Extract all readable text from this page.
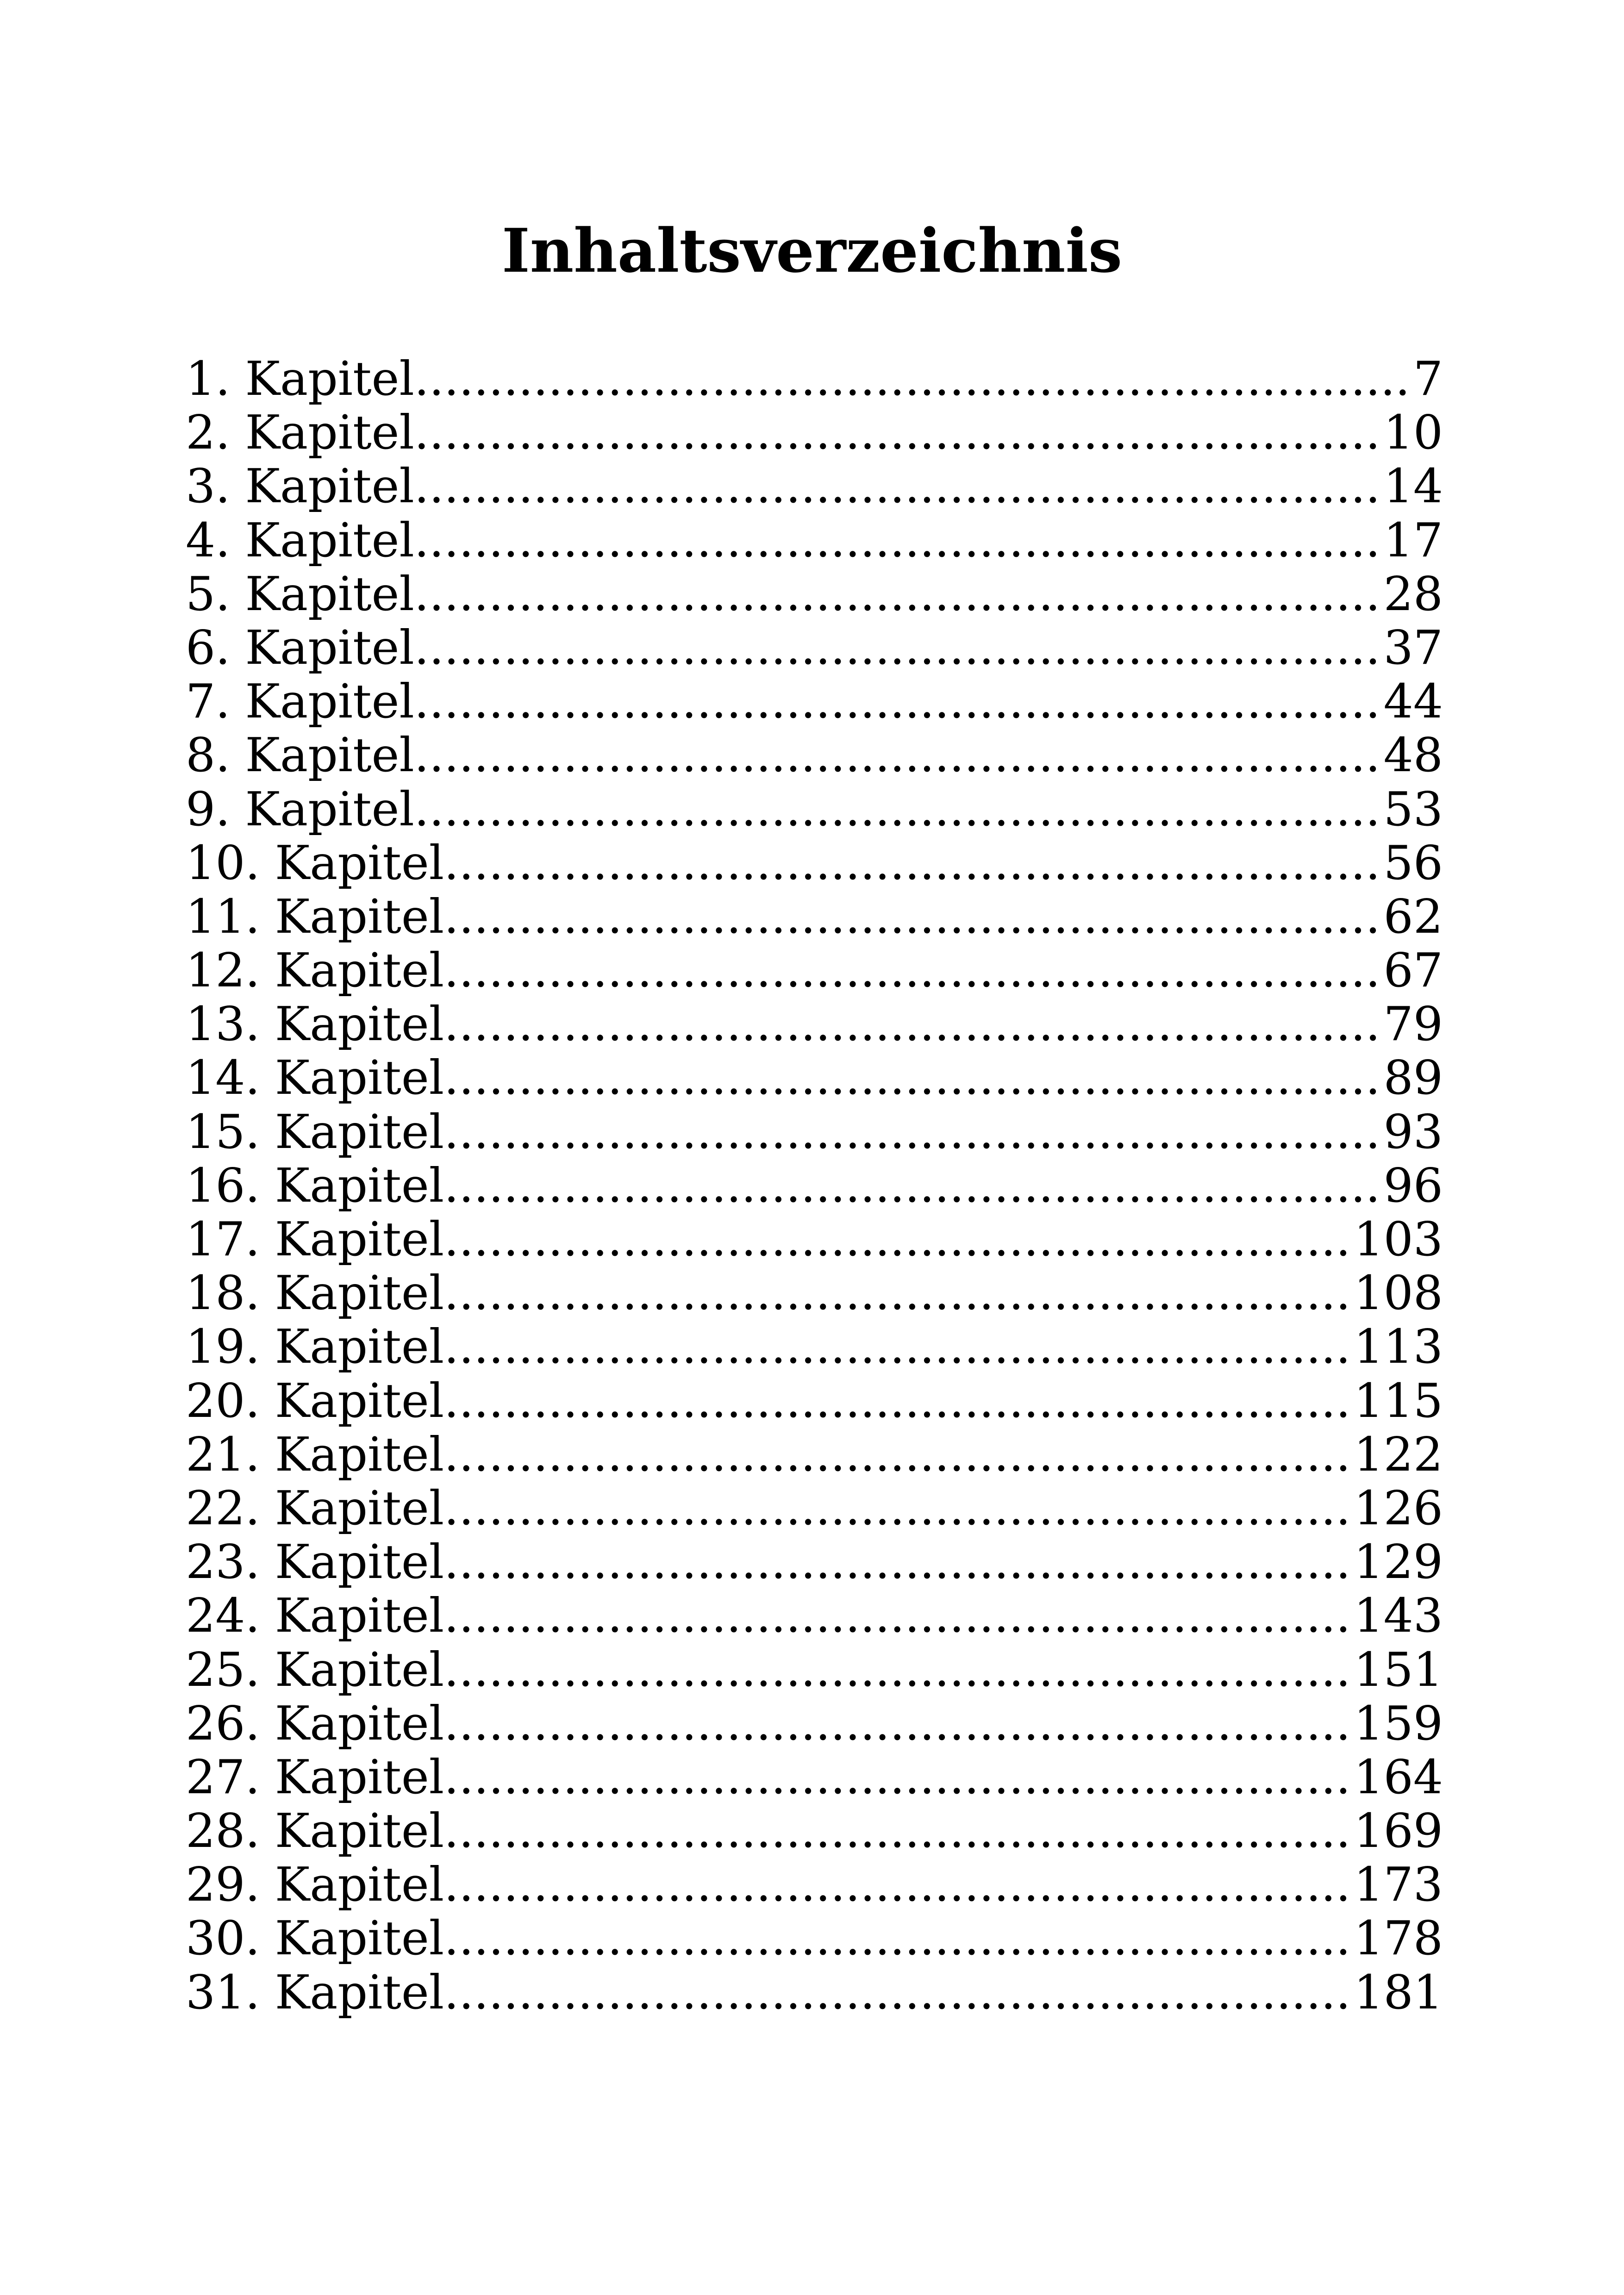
Inhaltsverzeichnis
1. Kapitel .....	7
2. Kapitel .....	10
3. Kapitel .....	14
4. Kapitel .....	17
5. Kapitel .....	28
6. Kapitel .....	37
7. Kapitel .....	44
8. Kapitel .....	48
9. Kapitel .....	53
10. Kapitel .....	56
11. Kapitel .....	62
12. Kapitel .....	67
13. Kapitel .....	79
14. Kapitel .....	89
15. Kapitel .....	93
16. Kapitel .....	96
17. Kapitel .....	103
18. Kapitel .....	108
19. Kapitel .....	113
20. Kapitel .....	115
21. Kapitel .....	122
22. Kapitel .....	126
23. Kapitel .....	129
24. Kapitel .....	143
25. Kapitel .....	151
26. Kapitel .....	159
27. Kapitel .....	164
28. Kapitel .....	169
29. Kapitel .....	173
30. Kapitel .....	178
31. Kapitel .....	181
